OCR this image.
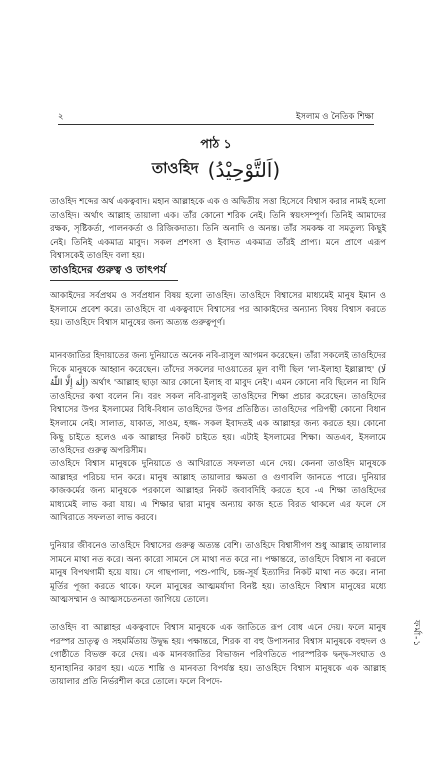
২	ইসলাম ও নৈতিক শিক্ষা
পাঠ ১
তাওহিদ (اَلتَّوْحِيْدُ)

তাওহিদ শব্দের অর্থ একত্ববাদ। মহান আল্লাহকে এক ও অদ্বিতীয় সত্তা হিসেবে বিশ্বাস করার নামই হলো তাওহিদ। অর্থাৎ আল্লাহ তায়ালা এক। তাঁর কোনো শরিক নেই। তিনি স্বয়ংসম্পূর্ণ। তিনিই আমাদের রক্ষক, সৃষ্টিকর্তা, পালনকর্তা ও রিজিকদাতা। তিনি অনাদি ও অনন্ত। তাঁর সমকক্ষ বা সমতুল্য কিছুই নেই। তিনিই একমাত্র মাবুদ। সকল প্রশংসা ও ইবাদত একমাত্র তাঁরই প্রাপ্য। মনে প্রাণে এরূপ বিশ্বাসকেই তাওহিদ বলা হয়।

তাওহিদের গুরুত্ব ও তাৎপর্য

আকাইদের সর্বপ্রথম ও সর্বপ্রধান বিষয় হলো তাওহিদ। তাওহিদে বিশ্বাসের মাধ্যমেই মানুষ ইমান ও ইসলামে প্রবেশ করে। তাওহিদে বা একত্ববাদে বিশ্বাসের পর আকাইদের অন্যান্য বিষয় বিশ্বাস করতে হয়। তাওহিদে বিশ্বাস মানুষের জন্য অত্যন্ত গুরুত্বপূর্ণ।

মানবজাতির হিদায়াতের জন্য দুনিয়াতে অনেক নবি-রাসুল আগমন করেছেন। তাঁরা সকলেই তাওহিদের দিকে মানুষকে আহ্বান করেছেন। তাঁদের সকলের দাওয়াতের মূল বাণী ছিল 'লা-ইলাহা ইল্লাল্লাহু' (لَا إِلٰهَ إِلَّا اللّٰهُ) অর্থাৎ 'আল্লাহ ছাড়া আর কোনো ইলাহ বা মাবুদ নেই'। এমন কোনো নবি ছিলেন না যিনি তাওহিদের কথা বলেন নি। বরং সকল নবি-রাসুলই তাওহিদের শিক্ষা প্রচার করেছেন। তাওহিদের বিশ্বাসের উপর ইসলামের বিধি-বিধান তাওহিদের উপর প্রতিষ্ঠিত। তাওহিদের পরিপন্থী কোনো বিধান ইসলামে নেই। সালাত, যাকাত, সাওম, হজ্জ- সকল ইবাদতই এক আল্লাহর জন্য করতে হয়। কোনো কিছু চাইতে হলেও এক আল্লাহর নিকট চাইতে হয়। এটাই ইসলামের শিক্ষা। অতএব, ইসলামে তাওহিদের গুরুত্ব অপরিসীম।

তাওহিদে বিশ্বাস মানুষকে দুনিয়াতে ও আখিরাতে সফলতা এনে দেয়। কেননা তাওহিদ মানুষকে আল্লাহর পরিচয় দান করে। মানুষ আল্লাহ তায়ালার ক্ষমতা ও গুণাবলি জানতে পারে। দুনিয়ার কাজকর্মের জন্য মানুষকে পরকালে আল্লাহর নিকট জবাবদিহি করতে হবে -এ শিক্ষা তাওহিদের মাধ্যমেই লাভ করা যায়। এ শিক্ষার দ্বারা মানুষ অন্যায় কাজ হতে বিরত থাকলে এর ফলে সে আখিরাতে সফলতা লাভ করবে।

দুনিয়ার জীবনেও তাওহিদে বিশ্বাসের গুরুত্ব অত্যন্ত বেশি। তাওহিদে বিশ্বাসীগণ শুধু আল্লাহ তায়ালার সামনে মাথা নত করে। অন্য কারো সামনে সে মাথা নত করে না। পক্ষান্তরে, তাওহিদে বিশ্বাস না করলে মানুষ বিপথগামী হয়ে যায়। সে গাছপালা, পশু-পাখি, চন্দ্র-সূর্য ইত্যাদির নিকট মাথা নত করে। নানা মূর্তির পূজা করতে থাকে। ফলে মানুষের আত্মমর্যাদা বিনষ্ট হয়। তাওহিদে বিশ্বাস মানুষের মধ্যে আত্মসম্মান ও আত্মসচেতনতা জাগিয়ে তোলে।

তাওহিদ বা আল্লাহর একত্ববাদে বিশ্বাস মানুষকে এক জাতিতে রূপ বোধ এনে দেয়। ফলে মানুষ পরস্পর ভ্রাতৃত্ব ও সহমর্মিতায় উদ্বুদ্ধ হয়। পক্ষান্তরে, শিরক বা বহু উপাসনার বিশ্বাস মানুষকে বহুদল ও গোষ্ঠীতে বিভক্ত করে দেয়। এক মানবজাতির বিভাজন পরিণতিতে পারস্পরিক দ্বন্দ্ব-সংঘাত ও হানাহানির কারণ হয়। এতে শান্তি ও মানবতা বিপর্যস্ত হয়। তাওহিদে বিশ্বাস মানুষকে এক আল্লাহ তায়ালার প্রতি নির্ভরশীল করে তোলে। ফলে বিপদে-

ফর্মা-১
